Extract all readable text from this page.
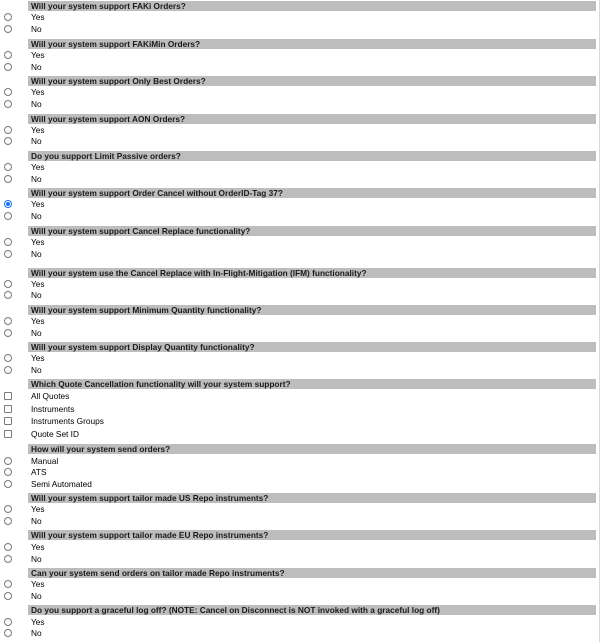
Will your system support FAKi Orders?
Yes
No
Will your system support FAKiMin Orders?
Yes
No
Will your system support Only Best Orders?
Yes
No
Will your system support AON Orders?
Yes
No
Do you support Limit Passive orders?
Yes
No
Will your system support Order Cancel without OrderID-Tag 37?
Yes
No
Will your system support Cancel Replace functionality?
Yes
No
Will your system use the Cancel Replace with In-Flight-Mitigation (IFM) functionality?
Yes
No
Will your system support Minimum Quantity functionality?
Yes
No
Will your system support Display Quantity functionality?
Yes
No
Which Quote Cancellation functionality will your system support?
All Quotes
Instruments
Instruments Groups
Quote Set ID
How will your system send orders?
Manual
ATS
Semi Automated
Will your system support tailor made US Repo instruments?
Yes
No
Will your system support tailor made EU Repo instruments?
Yes
No
Can your system send orders on tailor made Repo instruments?
Yes
No
Do you support a graceful log off? (NOTE: Cancel on Disconnect is NOT invoked with a graceful log off)
Yes
No
